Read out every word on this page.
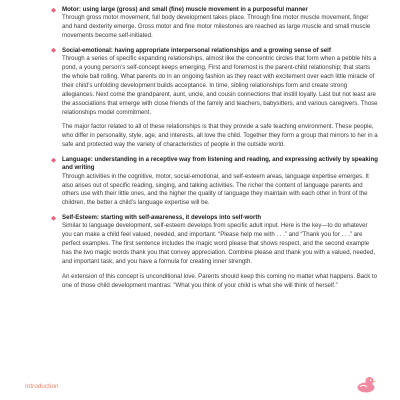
◆ Motor: using large (gross) and small (fine) muscle movement in a purposeful manner

Through gross motor movement, full body development takes place. Through fine motor muscle movement, finger and hand dexterity emerge. Gross motor and fine motor milestones are reached as large muscle and small muscle movements become self-initiated.

◆ Social-emotional: having appropriate interpersonal relationships and a growing sense of self

Through a series of specific expanding relationships, almost like the concentric circles that form when a pebble hits a pond, a young person’s self-concept keeps emerging. First and foremost is the parent-child relationship; that starts the whole ball rolling. What parents do in an ongoing fashion as they react with excitement over each little miracle of their child’s unfolding development builds acceptance. In time, sibling relationships form and create strong allegiances. Next come the grandparent, aunt, uncle, and cousin connections that instill loyalty. Last but not least are the associations that emerge with close friends of the family and teachers, babysitters, and various caregivers. Those relationships model commitment.

The major factor related to all of these relationships is that they provide a safe teaching environment. These people, who differ in personality, style, age, and interests, all love the child. Together they form a group that mirrors to her in a safe and protected way the variety of characteristics of people in the outside world.

◆ Language: understanding in a receptive way from listening and reading, and expressing actively by speaking and writing

Through activities in the cognitive, motor, social-emotional, and self-esteem areas, language expertise emerges. It also arises out of specific reading, singing, and talking activities. The richer the content of language parents and others use with their little ones, and the higher the quality of language they maintain with each other in front of the children, the better a child’s language expertise will be.

◆ Self-Esteem: starting with self-awareness, it develops into self-worth

Similar to language development, self-esteem develops from specific adult input. Here is the key—to do whatever you can make a child feel valued, needed, and important. “Please help me with . . .” and “Thank you for . . .” are perfect examples. The first sentence includes the magic word please that shows respect, and the second example has the two magic words thank you that convey appreciation. Combine please and thank you with a valued, needed, and important task, and you have a formula for creating inner strength.

An extension of this concept is unconditional love. Parents should keep this coming no matter what happens. Back to one of those child development mantras: “What you think of your child is what she will think of herself.”

Introduction
